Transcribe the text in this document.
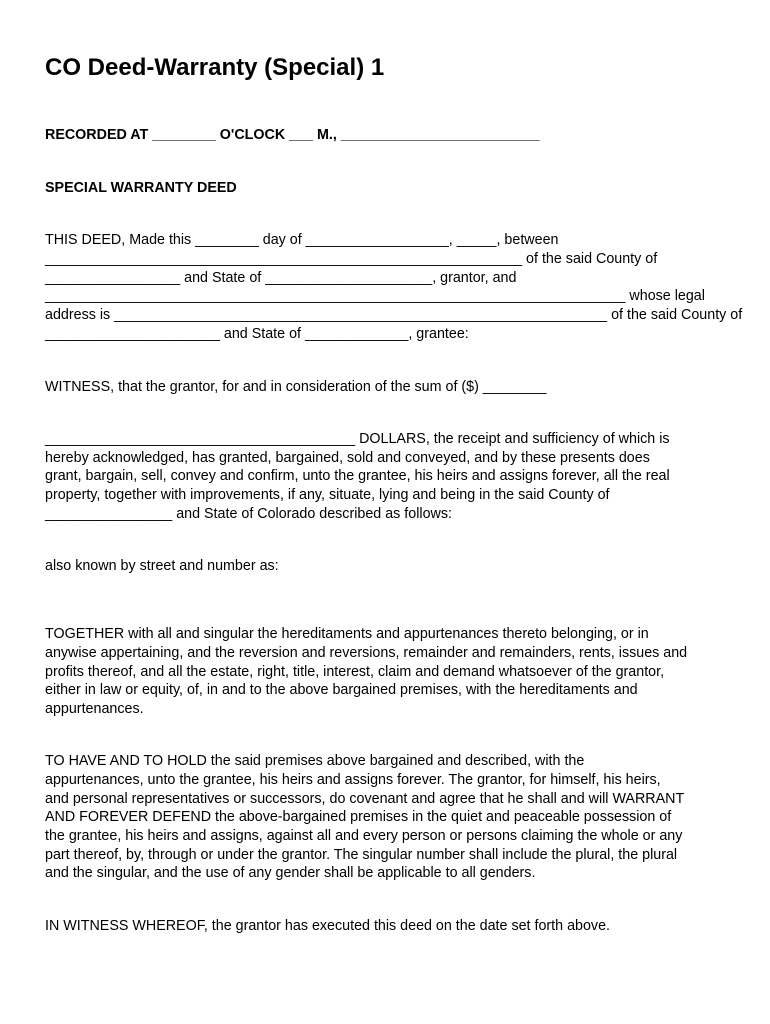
CO Deed-Warranty (Special) 1
RECORDED AT ________ O'CLOCK ___ M., _________________________
SPECIAL WARRANTY DEED
THIS DEED, Made this ________ day of __________________, _____, between
____________________________________________________________ of the said County of
_________________ and State of _____________________, grantor, and
_________________________________________________________________________ whose legal
address is ______________________________________________________________ of the said County of
______________________ and State of _____________, grantee:
WITNESS, that the grantor, for and in consideration of the sum of ($) ________
_______________________________________ DOLLARS, the receipt and sufficiency of which is
hereby acknowledged, has granted, bargained, sold and conveyed, and by these presents does
grant, bargain, sell, convey and confirm, unto the grantee, his heirs and assigns forever, all the real
property, together with improvements, if any, situate, lying and being in the said County of
________________ and State of Colorado described as follows:
also known by street and number as:
TOGETHER with all and singular the hereditaments and appurtenances thereto belonging, or in
anywise appertaining, and the reversion and reversions, remainder and remainders, rents, issues and
profits thereof, and all the estate, right, title, interest, claim and demand whatsoever of the grantor,
either in law or equity, of, in and to the above bargained premises, with the hereditaments and
appurtenances.
TO HAVE AND TO HOLD the said premises above bargained and described, with the
appurtenances, unto the grantee, his heirs and assigns forever. The grantor, for himself, his heirs,
and personal representatives or successors, do covenant and agree that he shall and will WARRANT
AND FOREVER DEFEND the above-bargained premises in the quiet and peaceable possession of
the grantee, his heirs and assigns, against all and every person or persons claiming the whole or any
part thereof, by, through or under the grantor. The singular number shall include the plural, the plural
and the singular, and the use of any gender shall be applicable to all genders.
IN WITNESS WHEREOF, the grantor has executed this deed on the date set forth above.
